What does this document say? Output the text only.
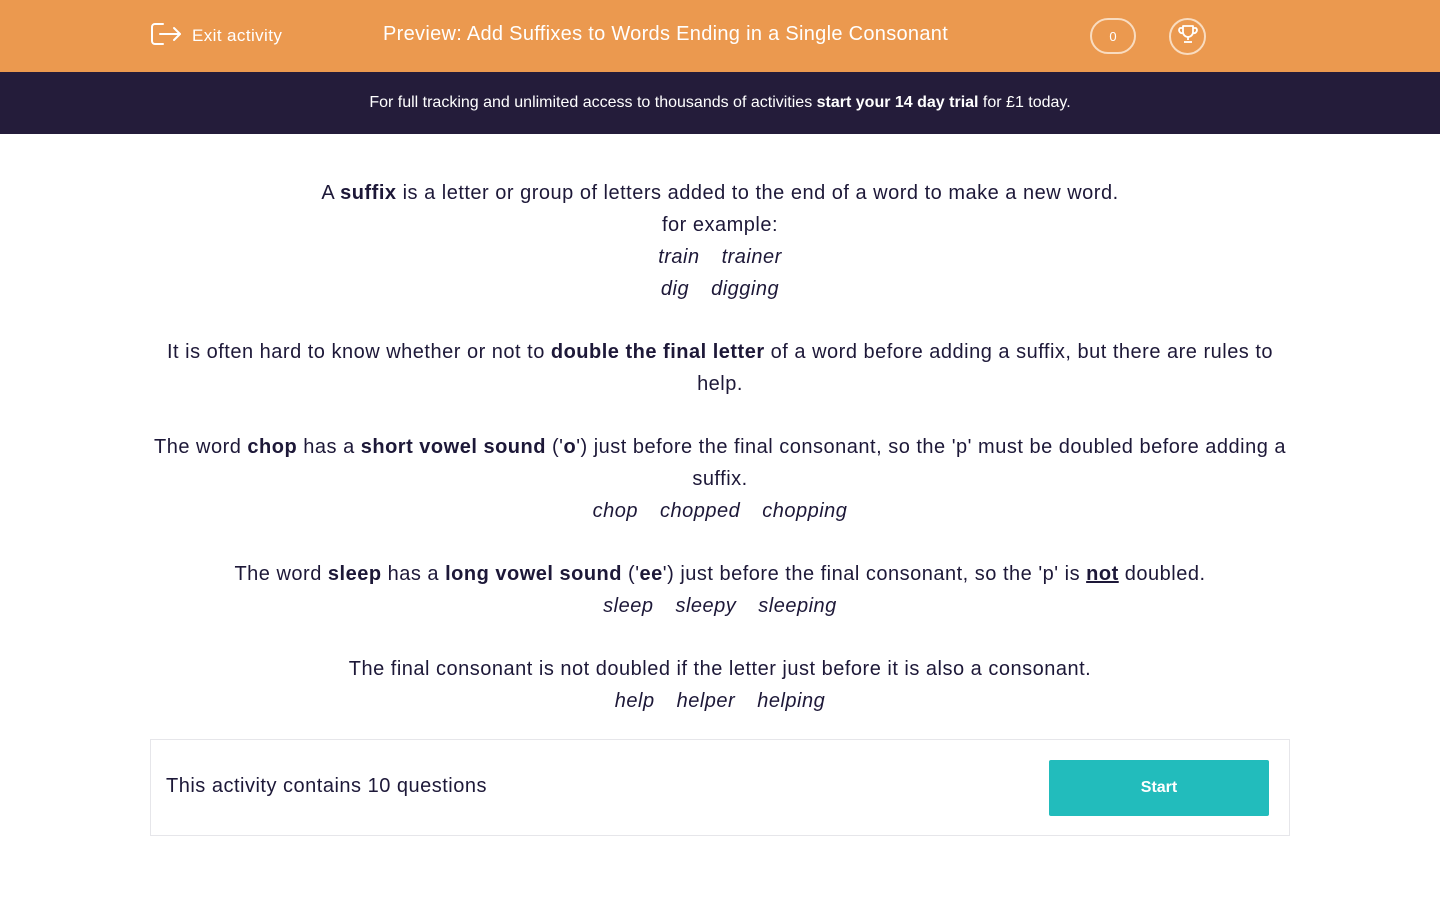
Exit activity	Preview: Add Suffixes to Words Ending in a Single Consonant	0
For full tracking and unlimited access to thousands of activities start your 14 day trial for £1 today.

A suffix is a letter or group of letters added to the end of a word to make a new word.

for example:

train trainer

dig digging

It is often hard to know whether or not to double the final letter of a word before adding a suffix, but there are rules to help.

The word chop has a short vowel sound ('o') just before the final consonant, so the 'p' must be doubled before adding a suffix.

chop chopped chopping

The word sleep has a long vowel sound ('ee') just before the final consonant, so the 'p' is not doubled.

sleep sleepy sleeping

The final consonant is not doubled if the letter just before it is also a consonant.

help helper helping

This activity contains 10 questions	Start
